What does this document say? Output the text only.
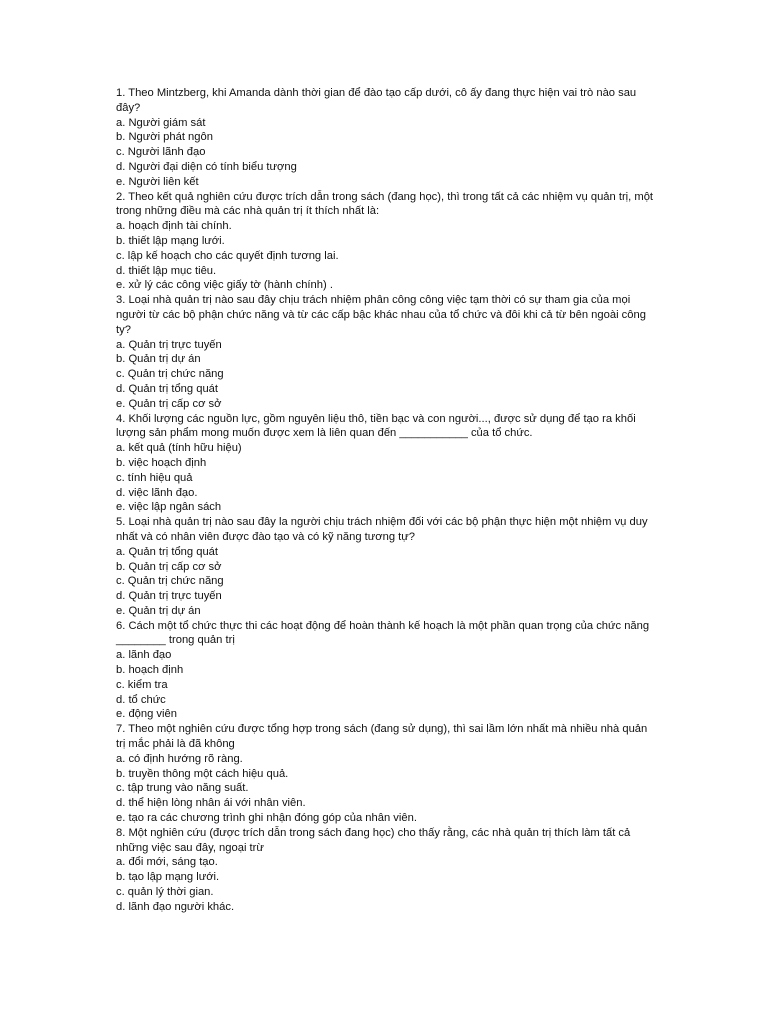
1. Theo Mintzberg, khi Amanda dành thời gian để đào tạo cấp dưới, cô ấy đang thực hiện vai trò nào sau đây?
a. Người giám sát
b. Người phát ngôn
c. Người lãnh đạo
d. Người đại diện có tính biểu tượng
e. Người liên kết
2. Theo kết quả nghiên cứu được trích dẫn trong sách (đang học), thì trong tất cả các nhiệm vụ quản trị, một trong những điều mà các nhà quản trị ít thích nhất là:
a. hoạch định tài chính.
b. thiết lập mạng lưới.
c. lập kế hoạch cho các quyết định tương lai.
d. thiết lập mục tiêu.
e. xử lý các công việc giấy tờ (hành chính) .
3. Loại nhà quản trị nào sau đây chịu trách nhiệm phân công công việc tạm thời có sự tham gia của mọi người từ các bộ phận chức năng và từ các cấp bậc khác nhau của tổ chức và đôi khi cả từ bên ngoài công ty?
a. Quản trị trực tuyến
b. Quản trị dự án
c. Quản trị chức năng
d. Quản trị tổng quát
e. Quản trị cấp cơ sở
4. Khối lượng các nguồn lực, gồm nguyên liệu thô, tiền bạc và con người..., được sử dụng để tạo ra khối lượng sản phẩm mong muốn được xem là liên quan đến ___________ của tổ chức.
a. kết quả (tính hữu hiệu)
b. việc hoạch định
c. tính hiệu quả
d. việc lãnh đạo.
e. việc lập ngân sách
5. Loại nhà quản trị nào sau đây la người chịu trách nhiệm đối với các bộ phận thực hiện một nhiệm vụ duy nhất và có nhân viên được đào tạo và có kỹ năng tương tự?
a. Quản trị tổng quát
b. Quản trị cấp cơ sở
c. Quản trị chức năng
d. Quản trị trực tuyến
e. Quản trị dự án
6. Cách một tổ chức thực thi các hoạt động để hoàn thành kế hoạch là một phần quan trọng của chức năng ________ trong quản trị
a. lãnh đạo
b. hoạch định
c. kiểm tra
d. tổ chức
e. động viên
7. Theo một nghiên cứu được tổng hợp trong sách (đang sử dụng), thì sai lầm lớn nhất mà nhiều nhà quản trị mắc phải là đã không
a. có định hướng rõ ràng.
b. truyền thông một cách hiệu quả.
c. tập trung vào năng suất.
d. thể hiện lòng nhân ái với nhân viên.
e. tạo ra các chương trình ghi nhận đóng góp của nhân viên.
8. Một nghiên cứu (được trích dẫn trong sách đang học) cho thấy rằng, các nhà quản trị thích làm tất cả những việc sau đây, ngoại trừ
a. đổi mới, sáng tạo.
b. tạo lập mạng lưới.
c. quản lý thời gian.
d. lãnh đạo người khác.
